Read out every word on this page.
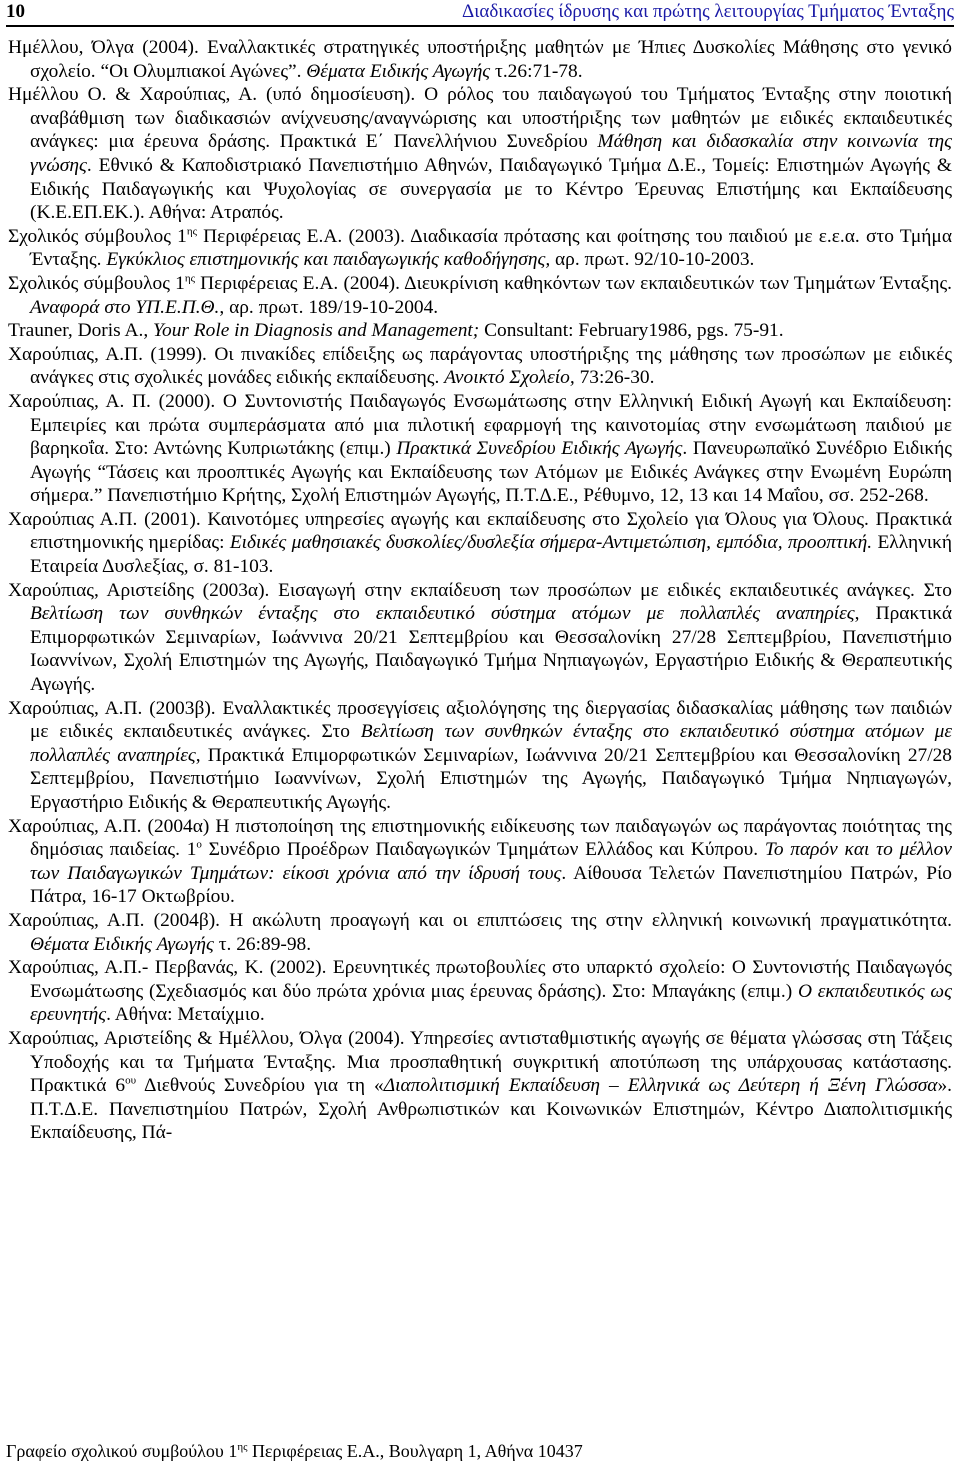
10	Διαδικασίες ίδρυσης και πρώτης λειτουργίας Τμήματος Ένταξης

Ημέλλου, Όλγα (2004). Εναλλακτικές στρατηγικές υποστήριξης μαθητών με Ήπιες Δυσκολίες Μάθησης στο γενικό σχολείο. “Οι Ολυμπιακοί Αγώνες”. Θέματα Ειδικής Αγωγής τ.26:71-78.

Ημέλλου Ο. & Χαρούπιας, Α. (υπό δημοσίευση). Ο ρόλος του παιδαγωγού του Τμήματος Ένταξης στην ποιοτική αναβάθμιση των διαδικασιών ανίχνευσης/αναγνώρισης και υποστήριξης των μαθητών με ειδικές εκπαιδευτικές ανάγκες: μια έρευνα δράσης. Πρακτικά Ε΄ Πανελλήνιου Συνεδρίου Μάθηση και διδασκαλία στην κοινωνία της γνώσης. Εθνικό & Καποδιστριακό Πανεπιστήμιο Αθηνών, Παιδαγωγικό Τμήμα Δ.Ε., Τομείς: Επιστημών Αγωγής & Ειδικής Παιδαγωγικής και Ψυχολογίας σε συνεργασία με το Κέντρο Έρευνας Επιστήμης και Εκπαίδευσης (Κ.Ε.ΕΠ.ΕΚ.). Αθήνα: Ατραπός.

Σχολικός σύμβουλος $1^{\eta\varsigma}$ Περιφέρειας Ε.Α. (2003). Διαδικασία πρότασης και φοίτησης του παιδιού με ε.ε.α. στο Τμήμα Ένταξης. Εγκύκλιος επιστημονικής και παιδαγωγικής καθοδήγησης, αρ. πρωτ. 92/10-10-2003.

Σχολικός σύμβουλος $1^{\eta\varsigma}$ Περιφέρειας Ε.Α. (2004). Διευκρίνιση καθηκόντων των εκπαιδευτικών των Τμημάτων Ένταξης. Αναφορά στο ΥΠ.Ε.Π.Θ., αρ. πρωτ. 189/19-10-2004.

Trauner, Doris A., Your Role in Diagnosis and Management; Consultant: February1986, pgs. 75-91.

Χαρούπιας, Α.Π. (1999). Οι πινακίδες επίδειξης ως παράγοντας υποστήριξης της μάθησης των προσώπων με ειδικές ανάγκες στις σχολικές μονάδες ειδικής εκπαίδευσης. Ανοικτό Σχολείο, 73:26-30.

Χαρούπιας, Α. Π. (2000). Ο Συντονιστής Παιδαγωγός Ενσωμάτωσης στην Ελληνική Ειδική Αγωγή και Εκπαίδευση: Εμπειρίες και πρώτα συμπεράσματα από μια πιλοτική εφαρμογή της καινοτομίας στην ενσωμάτωση παιδιού με βαρηκοΐα. Στο: Αντώνης Κυπριωτάκης (επιμ.) Πρακτικά Συνεδρίου Ειδικής Αγωγής. Πανευρωπαϊκό Συνέδριο Ειδικής Αγωγής “Τάσεις και προοπτικές Αγωγής και Εκπαίδευσης των Ατόμων με Ειδικές Ανάγκες στην Ενωμένη Ευρώπη σήμερα.” Πανεπιστήμιο Κρήτης, Σχολή Επιστημών Αγωγής, Π.Τ.Δ.Ε., Ρέθυμνο, 12, 13 και 14 Μαΐου, σσ. 252-268.

Χαρούπιας Α.Π. (2001). Καινοτόμες υπηρεσίες αγωγής και εκπαίδευσης στο Σχολείο για Όλους για Όλους. Πρακτικά επιστημονικής ημερίδας: Ειδικές μαθησιακές δυσκολίες/δυσλεξία σήμερα-Αντιμετώπιση, εμπόδια, προοπτική. Ελληνική Εταιρεία Δυσλεξίας, σ. 81-103.

Χαρούπιας, Αριστείδης (2003α). Εισαγωγή στην εκπαίδευση των προσώπων με ειδικές εκπαιδευτικές ανάγκες. Στο Βελτίωση των συνθηκών ένταξης στο εκπαιδευτικό σύστημα ατόμων με πολλαπλές αναπηρίες, Πρακτικά Επιμορφωτικών Σεμιναρίων, Ιωάννινα 20/21 Σεπτεμβρίου και Θεσσαλονίκη 27/28 Σεπτεμβρίου, Πανεπιστήμιο Ιωαννίνων, Σχολή Επιστημών της Αγωγής, Παιδαγωγικό Τμήμα Νηπιαγωγών, Εργαστήριο Ειδικής & Θεραπευτικής Αγωγής.

Χαρούπιας, Α.Π. (2003β). Εναλλακτικές προσεγγίσεις αξιολόγησης της διεργασίας διδασκαλίας μάθησης των παιδιών με ειδικές εκπαιδευτικές ανάγκες. Στο Βελτίωση των συνθηκών ένταξης στο εκπαιδευτικό σύστημα ατόμων με πολλαπλές αναπηρίες, Πρακτικά Επιμορφωτικών Σεμιναρίων, Ιωάννινα 20/21 Σεπτεμβρίου και Θεσσαλονίκη 27/28 Σεπτεμβρίου, Πανεπιστήμιο Ιωαννίνων, Σχολή Επιστημών της Αγωγής, Παιδαγωγικό Τμήμα Νηπιαγωγών, Εργαστήριο Ειδικής & Θεραπευτικής Αγωγής.

Χαρούπιας, Α.Π. (2004α) Η πιστοποίηση της επιστημονικής ειδίκευσης των παιδαγωγών ως παράγοντας ποιότητας της δημόσιας παιδείας. $1^o$ Συνέδριο Προέδρων Παιδαγωγικών Τμημάτων Ελλάδος και Κύπρου. Το παρόν και το μέλλον των Παιδαγωγικών Τμημάτων: είκοσι χρόνια από την ίδρυσή τους. Αίθουσα Τελετών Πανεπιστημίου Πατρών, Ρίο Πάτρα, 16-17 Οκτωβρίου.

Χαρούπιας, Α.Π. (2004β). Η ακώλυτη προαγωγή και οι επιπτώσεις της στην ελληνική κοινωνική πραγματικότητα. Θέματα Ειδικής Αγωγής τ. 26:89-98.

Χαρούπιας, Α.Π.- Περβανάς, Κ. (2002). Ερευνητικές πρωτοβουλίες στο υπαρκτό σχολείο: Ο Συντονιστής Παιδαγωγός Ενσωμάτωσης (Σχεδιασμός και δύο πρώτα χρόνια μιας έρευνας δράσης). Στο: Μπαγάκης (επιμ.) Ο εκπαιδευτικός ως ερευνητής. Αθήνα: Μεταίχμιο.

Χαρούπιας, Αριστείδης & Ημέλλου, Όλγα (2004). Υπηρεσίες αντισταθμιστικής αγωγής σε θέματα γλώσσας στη Τάξεις Υποδοχής και τα Τμήματα Ένταξης. Μια προσπαθητική συγκριτική αποτύπωση της υπάρχουσας κατάστασης. Πρακτικά $6^{o\upsilon}$ Διεθνούς Συνεδρίου για τη «Διαπολιτισμική Εκπαίδευση – Ελληνικά ως Δεύτερη ή Ξένη Γλώσσα». Π.Τ.Δ.Ε. Πανεπιστημίου Πατρών, Σχολή Ανθρωπιστικών και Κοινωνικών Επιστημών, Κέντρο Διαπολιτισμικής Εκπαίδευσης, Πά-

Γραφείο σχολικού συμβούλου $1^{\eta\varsigma}$ Περιφέρειας Ε.Α., Βουλγαρη 1, Αθήνα 10437
